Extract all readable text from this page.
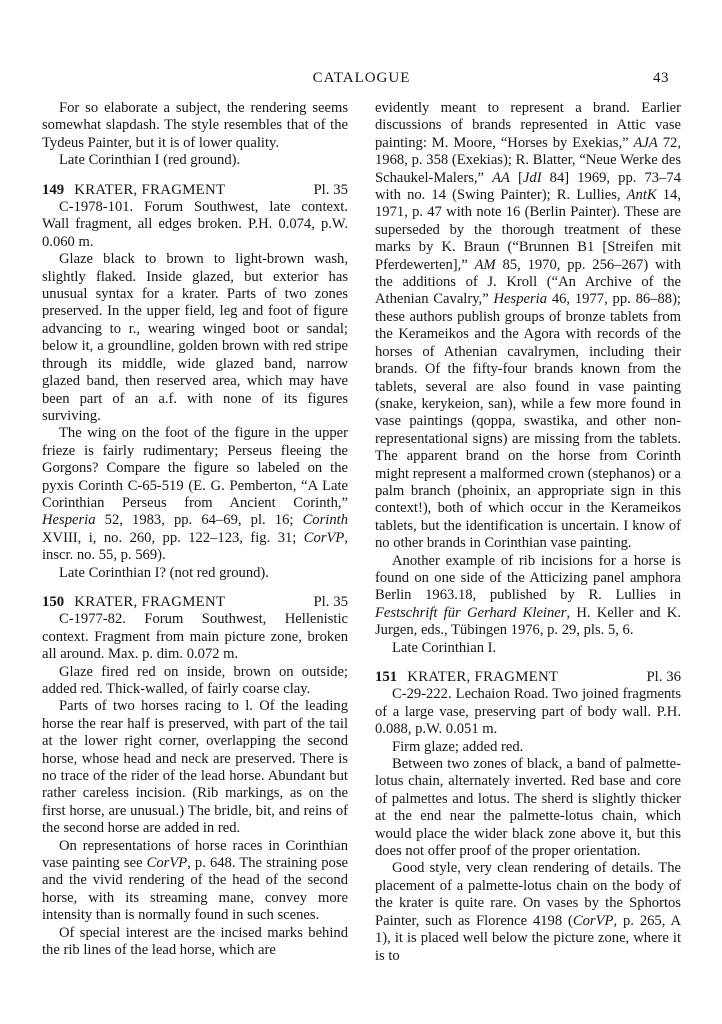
CATALOGUE	43

For so elaborate a subject, the rendering seems somewhat slapdash. The style resembles that of the Tydeus Painter, but it is of lower quality.

Late Corinthian I (red ground).

149 KRATER, FRAGMENT	Pl. 35

C-1978-101. Forum Southwest, late context. Wall fragment, all edges broken. P.H. 0.074, p.W. 0.060 m.

Glaze black to brown to light-brown wash, slightly flaked. Inside glazed, but exterior has unusual syntax for a krater. Parts of two zones preserved. In the upper field, leg and foot of figure advancing to r., wearing winged boot or sandal; below it, a groundline, golden brown with red stripe through its middle, wide glazed band, narrow glazed band, then reserved area, which may have been part of an a.f. with none of its figures surviving.

The wing on the foot of the figure in the upper frieze is fairly rudimentary; Perseus fleeing the Gorgons? Compare the figure so labeled on the pyxis Corinth C-65-519 (E. G. Pemberton, “A Late Corinthian Perseus from Ancient Corinth,” Hesperia 52, 1983, pp. 64–69, pl. 16; Corinth XVIII, i, no. 260, pp. 122–123, fig. 31; CorVP, inscr. no. 55, p. 569).

Late Corinthian I? (not red ground).

150 KRATER, FRAGMENT	Pl. 35

C-1977-82. Forum Southwest, Hellenistic context. Fragment from main picture zone, broken all around. Max. p. dim. 0.072 m.

Glaze fired red on inside, brown on outside; added red. Thick-walled, of fairly coarse clay.

Parts of two horses racing to l. Of the leading horse the rear half is preserved, with part of the tail at the lower right corner, overlapping the second horse, whose head and neck are preserved. There is no trace of the rider of the lead horse. Abundant but rather careless incision. (Rib markings, as on the first horse, are unusual.) The bridle, bit, and reins of the second horse are added in red.

On representations of horse races in Corinthian vase painting see CorVP, p. 648. The straining pose and the vivid rendering of the head of the second horse, with its streaming mane, convey more intensity than is normally found in such scenes.

Of special interest are the incised marks behind the rib lines of the lead horse, which are

evidently meant to represent a brand. Earlier discussions of brands represented in Attic vase painting: M. Moore, “Horses by Exekias,” AJA 72, 1968, p. 358 (Exekias); R. Blatter, “Neue Werke des Schaukel-Malers,” AA [JdI 84] 1969, pp. 73–74 with no. 14 (Swing Painter); R. Lullies, AntK 14, 1971, p. 47 with note 16 (Berlin Painter). These are superseded by the thorough treatment of these marks by K. Braun (“Brunnen B1 [Streifen mit Pferdewerten],” AM 85, 1970, pp. 256–267) with the additions of J. Kroll (“An Archive of the Athenian Cavalry,” Hesperia 46, 1977, pp. 86–88); these authors publish groups of bronze tablets from the Kerameikos and the Agora with records of the horses of Athenian cavalrymen, including their brands. Of the fifty-four brands known from the tablets, several are also found in vase painting (snake, kerykeion, san), while a few more found in vase paintings (qoppa, swastika, and other non-representational signs) are missing from the tablets. The apparent brand on the horse from Corinth might represent a malformed crown (stephanos) or a palm branch (phoinix, an appropriate sign in this context!), both of which occur in the Kerameikos tablets, but the identification is uncertain. I know of no other brands in Corinthian vase painting.

Another example of rib incisions for a horse is found on one side of the Atticizing panel amphora Berlin 1963.18, published by R. Lullies in Festschrift für Gerhard Kleiner, H. Keller and K. Jurgen, eds., Tübingen 1976, p. 29, pls. 5, 6.

Late Corinthian I.

151 KRATER, FRAGMENT	Pl. 36

C-29-222. Lechaion Road. Two joined fragments of a large vase, preserving part of body wall. P.H. 0.088, p.W. 0.051 m.

Firm glaze; added red.

Between two zones of black, a band of palmette-lotus chain, alternately inverted. Red base and core of palmettes and lotus. The sherd is slightly thicker at the end near the palmette-lotus chain, which would place the wider black zone above it, but this does not offer proof of the proper orientation.

Good style, very clean rendering of details. The placement of a palmette-lotus chain on the body of the krater is quite rare. On vases by the Sphortos Painter, such as Florence 4198 (CorVP, p. 265, A 1), it is placed well below the picture zone, where it is to
